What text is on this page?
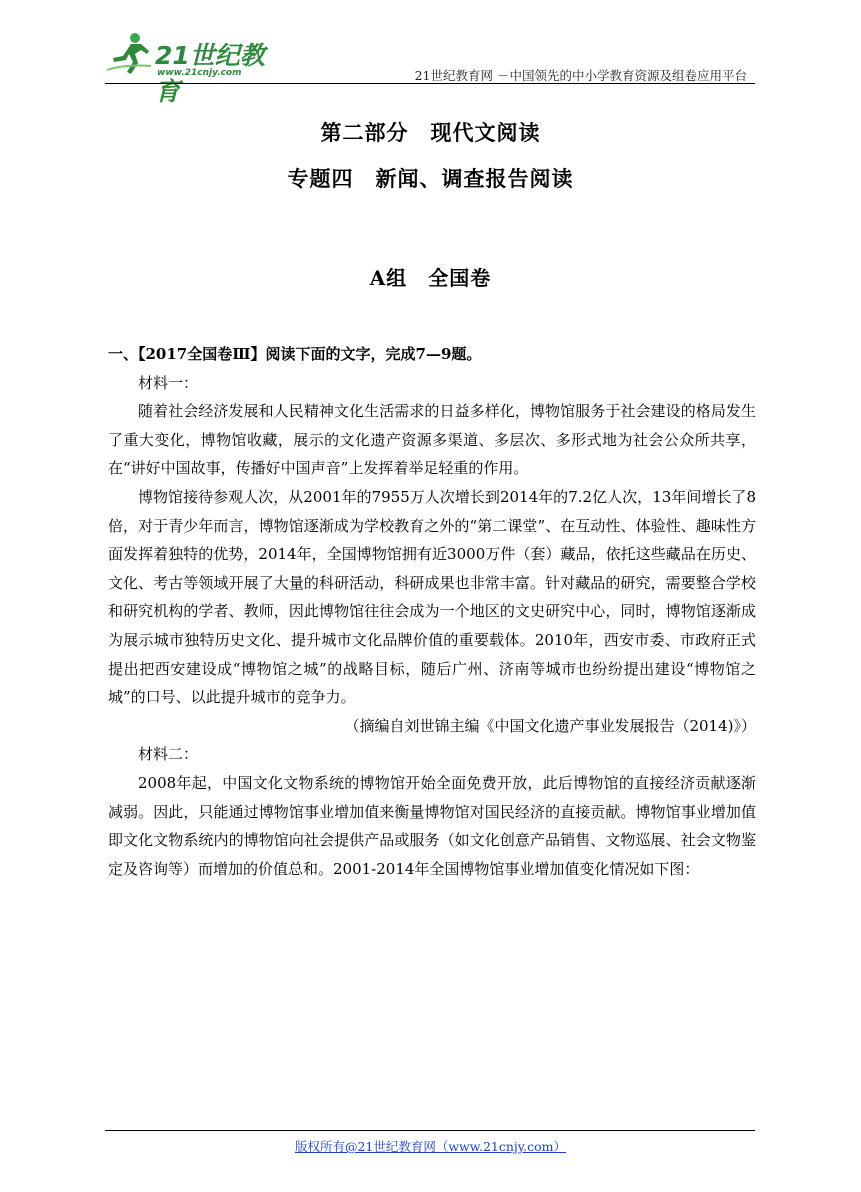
21世纪教育
www.21cnjy.com	21世纪教育网 －中国领先的中小学教育资源及组卷应用平台
第二部分　现代文阅读
专题四　新闻、调查报告阅读
A组　全国卷

一、【2017全国卷Ⅲ】阅读下面的文字，完成7—9题。

材料一：

随着社会经济发展和人民精神文化生活需求的日益多样化，博物馆服务于社会建设的格局发生了重大变化，博物馆收藏，展示的文化遗产资源多渠道、多层次、多形式地为社会公众所共享，在“讲好中国故事，传播好中国声音”上发挥着举足轻重的作用。

博物馆接待参观人次，从2001年的7955万人次增长到2014年的7.2亿人次，13年间增长了8倍，对于青少年而言，博物馆逐渐成为学校教育之外的“第二课堂”、在互动性、体验性、趣味性方面发挥着独特的优势，2014年，全国博物馆拥有近3000万件（套）藏品，依托这些藏品在历史、文化、考古等领域开展了大量的科研活动，科研成果也非常丰富。针对藏品的研究，需要整合学校和研究机构的学者、教师，因此博物馆往往会成为一个地区的文史研究中心，同时，博物馆逐渐成为展示城市独特历史文化、提升城市文化品牌价值的重要载体。2010年，西安市委、市政府正式提出把西安建设成“博物馆之城”的战略目标，随后广州、济南等城市也纷纷提出建设“博物馆之城”的口号、以此提升城市的竞争力。

（摘编自刘世锦主编《中国文化遗产事业发展报告（2014)》）

材料二：

2008年起，中国文化文物系统的博物馆开始全面免费开放，此后博物馆的直接经济贡献逐渐减弱。因此，只能通过博物馆事业增加值来衡量博物馆对国民经济的直接贡献。博物馆事业增加值即文化文物系统内的博物馆向社会提供产品或服务（如文化创意产品销售、文物巡展、社会文物鉴定及咨询等）而增加的价值总和。2001-2014年全国博物馆事业增加值变化情况如下图：

版权所有@21世纪教育网（www.21cnjy.com）
